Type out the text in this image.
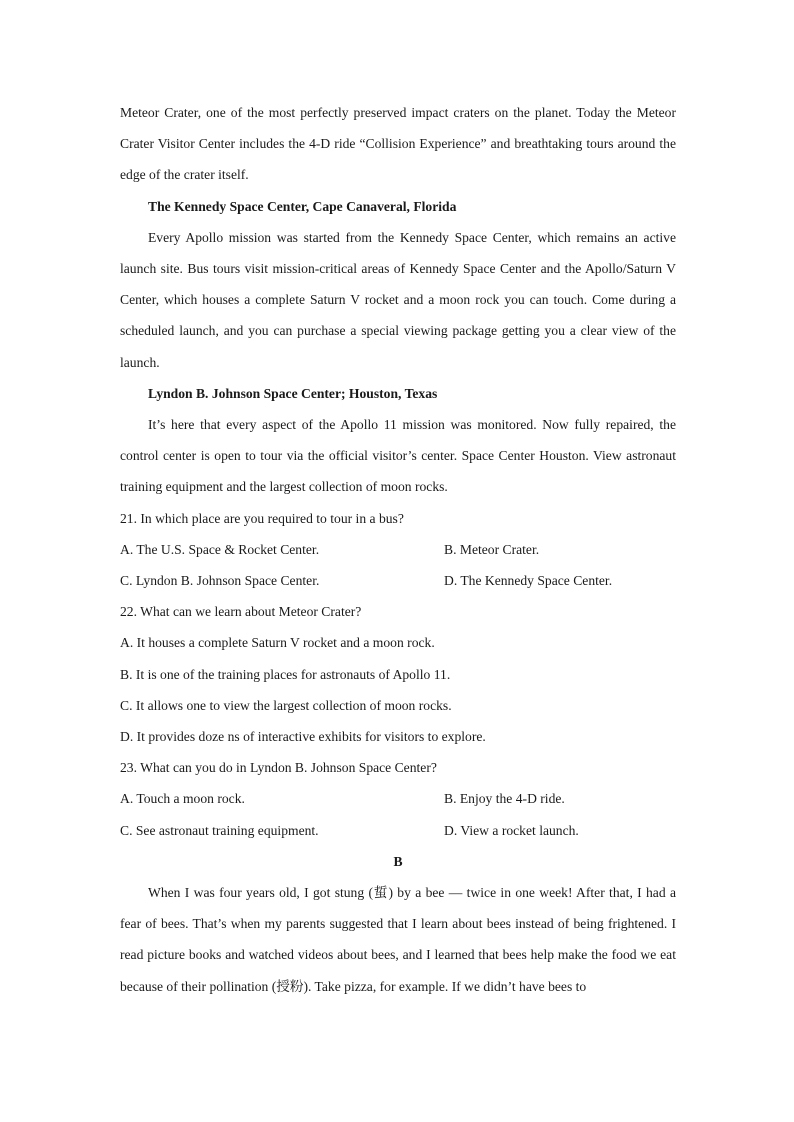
Meteor Crater, one of the most perfectly preserved impact craters on the planet. Today the Meteor Crater Visitor Center includes the 4-D ride “Collision Experience” and breathtaking tours around the edge of the crater itself.

The Kennedy Space Center, Cape Canaveral, Florida

Every Apollo mission was started from the Kennedy Space Center, which remains an active launch site. Bus tours visit mission-critical areas of Kennedy Space Center and the Apollo/Saturn V Center, which houses a complete Saturn V rocket and a moon rock you can touch. Come during a scheduled launch, and you can purchase a special viewing package getting you a clear view of the launch.

Lyndon B. Johnson Space Center; Houston, Texas

It’s here that every aspect of the Apollo 11 mission was monitored. Now fully repaired, the control center is open to tour via the official visitor’s center. Space Center Houston. View astronaut training equipment and the largest collection of moon rocks.

21. In which place are you required to tour in a bus?

A. The U.S. Space & Rocket Center.	B. Meteor Crater.
C. Lyndon B. Johnson Space Center.	D. The Kennedy Space Center.

22. What can we learn about Meteor Crater?

A. It houses a complete Saturn V rocket and a moon rock.

B. It is one of the training places for astronauts of Apollo 11.

C. It allows one to view the largest collection of moon rocks.

D. It provides doze ns of interactive exhibits for visitors to explore.

23. What can you do in Lyndon B. Johnson Space Center?

A. Touch a moon rock.	B. Enjoy the 4-D ride.
C. See astronaut training equipment.	D. View a rocket launch.

B

When I was four years old, I got stung (蜇) by a bee — twice in one week! After that, I had a fear of bees. That’s when my parents suggested that I learn about bees instead of being frightened. I read picture books and watched videos about bees, and I learned that bees help make the food we eat because of their pollination (授粉). Take pizza, for example. If we didn’t have bees to
